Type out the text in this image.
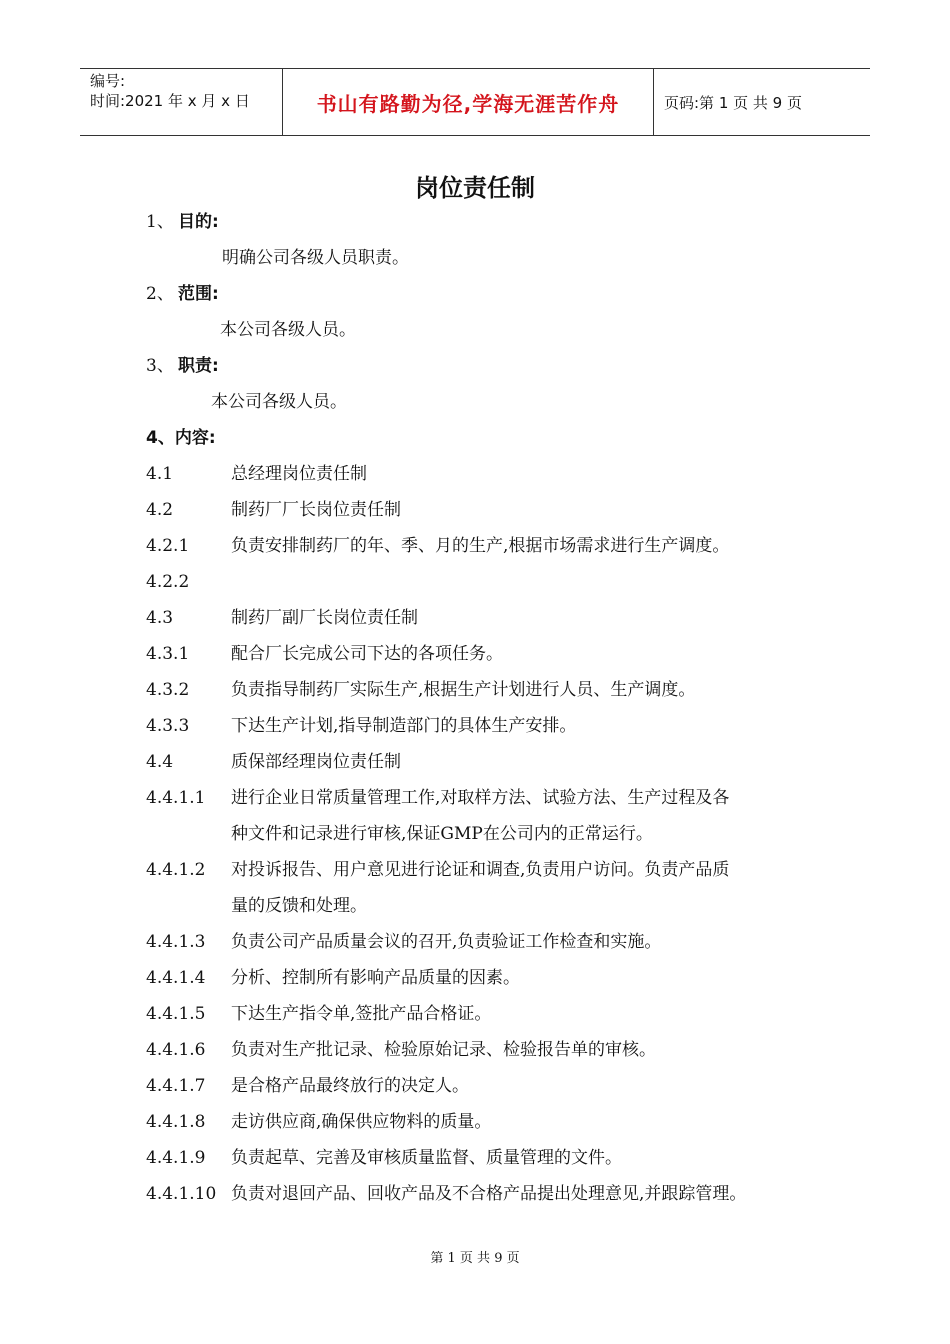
编号:
时间:2021 年 x 月 x 日	书山有路勤为径,学海无涯苦作舟	页码:第 1 页 共 9 页
岗位责任制
1、 目的:
明确公司各级人员职责。
2、 范围:
本公司各级人员。
3、 职责:
本公司各级人员。
4、内容:
4.1	总经理岗位责任制
4.2	制药厂厂长岗位责任制
4.2.1 负责安排制药厂的年、季、月的生产,根据市场需求进行生产调度。
4.2.2
4.3	制药厂副厂长岗位责任制
4.3.1 配合厂长完成公司下达的各项任务。
4.3.2 负责指导制药厂实际生产,根据生产计划进行人员、生产调度。
4.3.3 下达生产计划,指导制造部门的具体生产安排。
4.4	质保部经理岗位责任制
4.4.1.1 进行企业日常质量管理工作,对取样方法、试验方法、生产过程及各
种文件和记录进行审核,保证GMP在公司内的正常运行。
4.4.1.2 对投诉报告、用户意见进行论证和调查,负责用户访问。负责产品质
量的反馈和处理。
4.4.1.3 负责公司产品质量会议的召开,负责验证工作检查和实施。
4.4.1.4 分析、控制所有影响产品质量的因素。
4.4.1.5 下达生产指令单,签批产品合格证。
4.4.1.6 负责对生产批记录、检验原始记录、检验报告单的审核。
4.4.1.7 是合格产品最终放行的决定人。
4.4.1.8 走访供应商,确保供应物料的质量。
4.4.1.9 负责起草、完善及审核质量监督、质量管理的文件。
4.4.1.10 负责对退回产品、回收产品及不合格产品提出处理意见,并跟踪管理。
第 1 页 共 9 页
